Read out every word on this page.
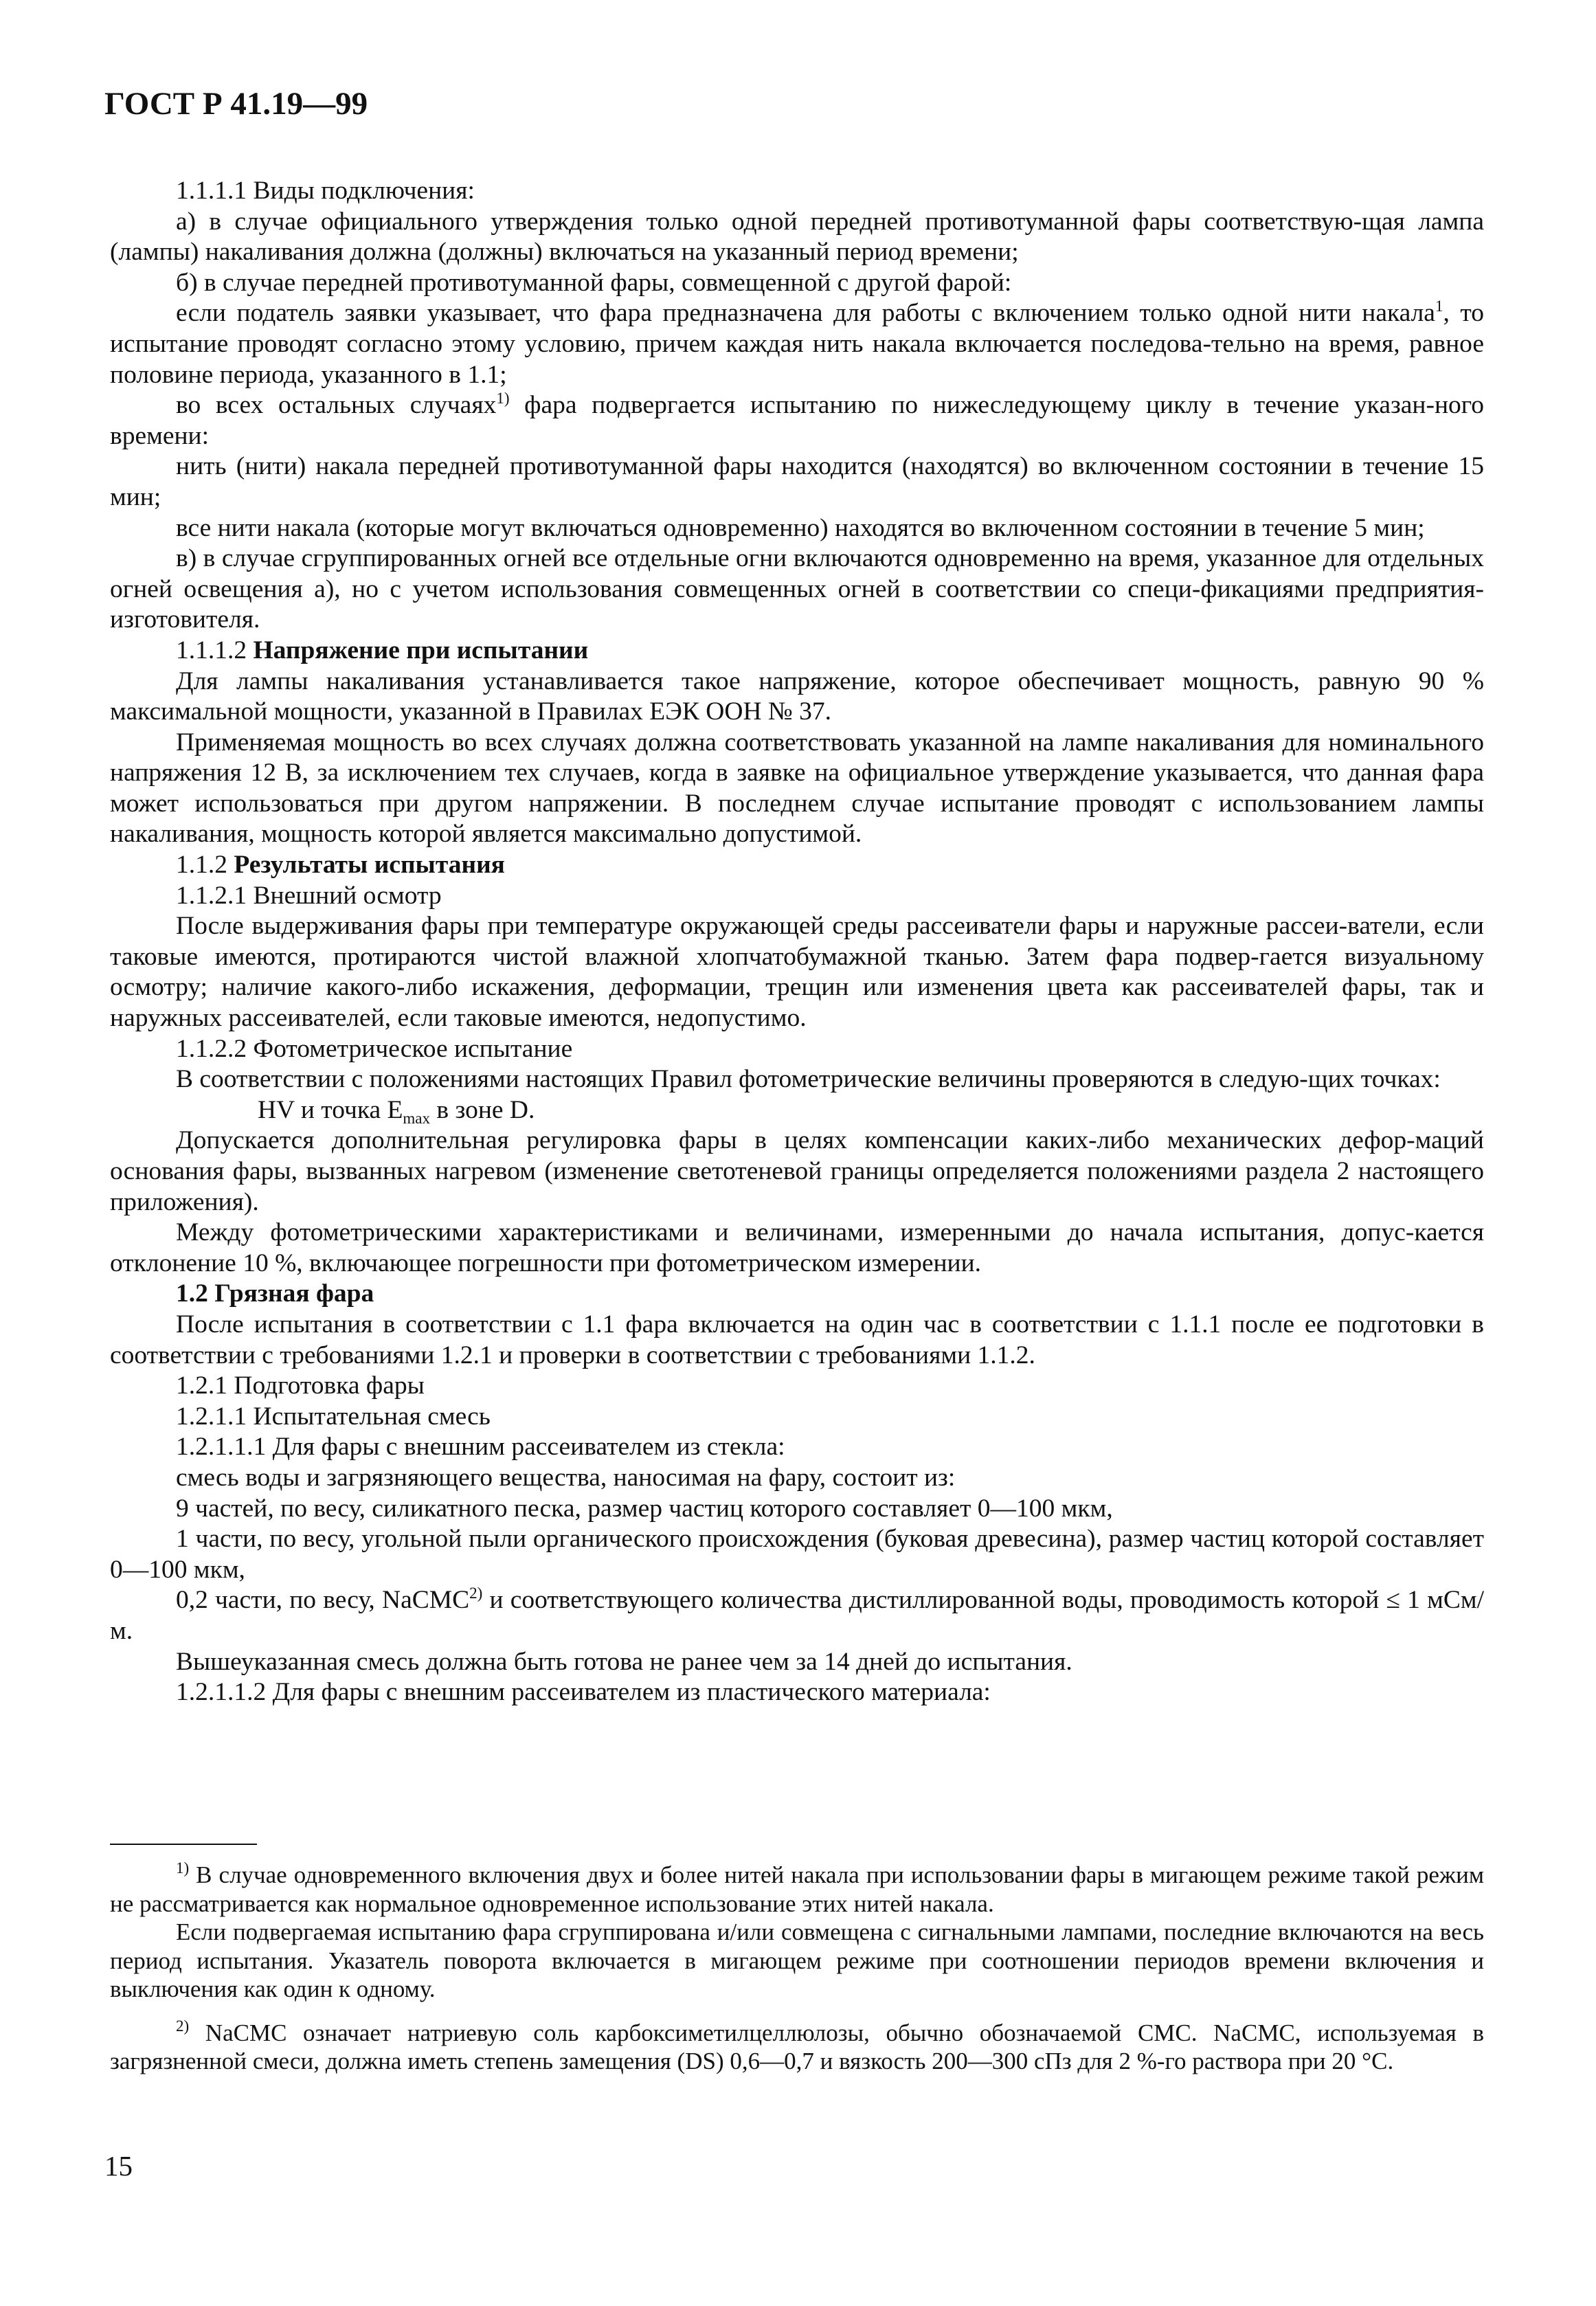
ГОСТ Р 41.19—99

1.1.1.1 Виды подключения:

а) в случае официального утверждения только одной передней противотуманной фары соответствую-щая лампа (лампы) накаливания должна (должны) включаться на указанный период времени;

б) в случае передней противотуманной фары, совмещенной с другой фарой:

если податель заявки указывает, что фара предназначена для работы с включением только одной нити накала$^1$, то испытание проводят согласно этому условию, причем каждая нить накала включается последова-тельно на время, равное половине периода, указанного в 1.1;

во всех остальных случаях$^{1)}$ фара подвергается испытанию по нижеследующему циклу в течение указан-ного времени:

нить (нити) накала передней противотуманной фары находится (находятся) во включенном состоянии в течение 15 мин;

все нити накала (которые могут включаться одновременно) находятся во включенном состоянии в течение 5 мин;

в) в случае сгруппированных огней все отдельные огни включаются одновременно на время, указанное для отдельных огней освещения а), но с учетом использования совмещенных огней в соответствии со специ-фикациями предприятия-изготовителя.

1.1.1.2 Напряжение при испытании

Для лампы накаливания устанавливается такое напряжение, которое обеспечивает мощность, равную 90 % максимальной мощности, указанной в Правилах ЕЭК ООН № 37.

Применяемая мощность во всех случаях должна соответствовать указанной на лампе накаливания для номинального напряжения 12 В, за исключением тех случаев, когда в заявке на официальное утверждение указывается, что данная фара может использоваться при другом напряжении. В последнем случае испытание проводят с использованием лампы накаливания, мощность которой является максимально допустимой.

1.1.2 Результаты испытания

1.1.2.1 Внешний осмотр

После выдерживания фары при температуре окружающей среды рассеиватели фары и наружные рассеи-ватели, если таковые имеются, протираются чистой влажной хлопчатобумажной тканью. Затем фара подвер-гается визуальному осмотру; наличие какого-либо искажения, деформации, трещин или изменения цвета как рассеивателей фары, так и наружных рассеивателей, если таковые имеются, недопустимо.

1.1.2.2 Фотометрическое испытание

В соответствии с положениями настоящих Правил фотометрические величины проверяются в следую-щих точках:

HV и точка $E_{max}$ в зоне D.

Допускается дополнительная регулировка фары в целях компенсации каких-либо механических дефор-маций основания фары, вызванных нагревом (изменение светотеневой границы определяется положениями раздела 2 настоящего приложения).

Между фотометрическими характеристиками и величинами, измеренными до начала испытания, допус-кается отклонение 10 %, включающее погрешности при фотометрическом измерении.

1.2 Грязная фара

После испытания в соответствии с 1.1 фара включается на один час в соответствии с 1.1.1 после ее подготовки в соответствии с требованиями 1.2.1 и проверки в соответствии с требованиями 1.1.2.

1.2.1 Подготовка фары

1.2.1.1 Испытательная смесь

1.2.1.1.1 Для фары с внешним рассеивателем из стекла:

смесь воды и загрязняющего вещества, наносимая на фару, состоит из:

9 частей, по весу, силикатного песка, размер частиц которого составляет 0—100 мкм,

1 части, по весу, угольной пыли органического происхождения (буковая древесина), размер частиц которой составляет 0—100 мкм,

0,2 части, по весу, NaCMC$^{2)}$ и соответствующего количества дистиллированной воды, проводимость которой ≤ 1 мСм/м.

Вышеуказанная смесь должна быть готова не ранее чем за 14 дней до испытания.

1.2.1.1.2 Для фары с внешним рассеивателем из пластического материала:

$^{1)}$ В случае одновременного включения двух и более нитей накала при использовании фары в мигающем режиме такой режим не рассматривается как нормальное одновременное использование этих нитей накала.

Если подвергаемая испытанию фара сгруппирована и/или совмещена с сигнальными лампами, последние включаются на весь период испытания. Указатель поворота включается в мигающем режиме при соотношении периодов времени включения и выключения как один к одному.

$^{2)}$ NaCMC означает натриевую соль карбоксиметилцеллюлозы, обычно обозначаемой CMC. NaCMC, используемая в загрязненной смеси, должна иметь степень замещения (DS) 0,6—0,7 и вязкость 200—300 сПз для 2 %-го раствора при 20 °C.

15
